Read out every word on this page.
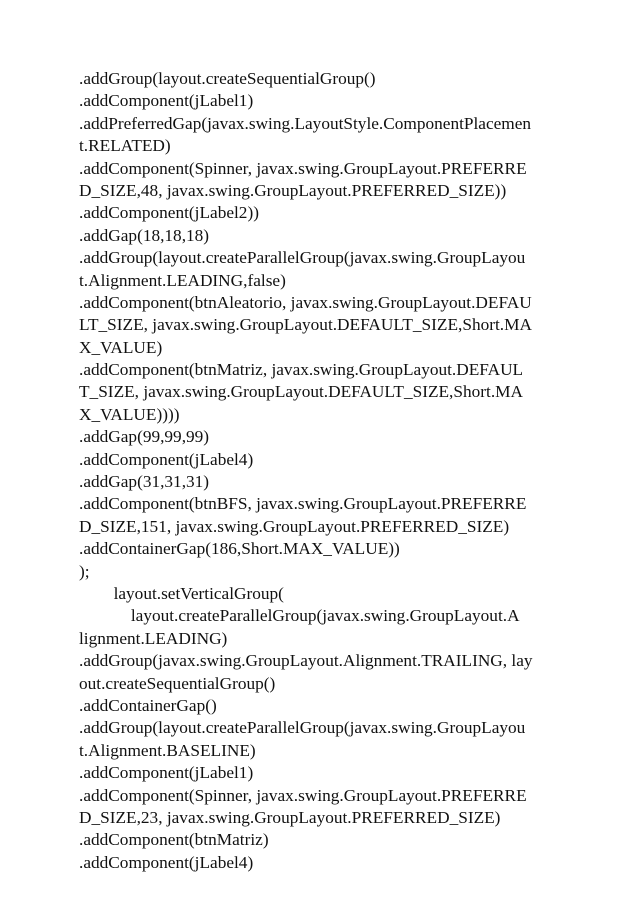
.addGroup(layout.createSequentialGroup()
.addComponent(jLabel1)
.addPreferredGap(javax.swing.LayoutStyle.ComponentPlacemen
t.RELATED)
.addComponent(Spinner, javax.swing.GroupLayout.PREFERRE
D_SIZE,48, javax.swing.GroupLayout.PREFERRED_SIZE))
.addComponent(jLabel2))
.addGap(18,18,18)
.addGroup(layout.createParallelGroup(javax.swing.GroupLayou
t.Alignment.LEADING,false)
.addComponent(btnAleatorio, javax.swing.GroupLayout.DEFAU
LT_SIZE, javax.swing.GroupLayout.DEFAULT_SIZE,Short.MA
X_VALUE)
.addComponent(btnMatriz, javax.swing.GroupLayout.DEFAUL
T_SIZE, javax.swing.GroupLayout.DEFAULT_SIZE,Short.MA
X_VALUE))))
.addGap(99,99,99)
.addComponent(jLabel4)
.addGap(31,31,31)
.addComponent(btnBFS, javax.swing.GroupLayout.PREFERRE
D_SIZE,151, javax.swing.GroupLayout.PREFERRED_SIZE)
.addContainerGap(186,Short.MAX_VALUE))
);
layout.setVerticalGroup(
layout.createParallelGroup(javax.swing.GroupLayout.A
lignment.LEADING)
.addGroup(javax.swing.GroupLayout.Alignment.TRAILING, lay
out.createSequentialGroup()
.addContainerGap()
.addGroup(layout.createParallelGroup(javax.swing.GroupLayou
t.Alignment.BASELINE)
.addComponent(jLabel1)
.addComponent(Spinner, javax.swing.GroupLayout.PREFERRE
D_SIZE,23, javax.swing.GroupLayout.PREFERRED_SIZE)
.addComponent(btnMatriz)
.addComponent(jLabel4)
